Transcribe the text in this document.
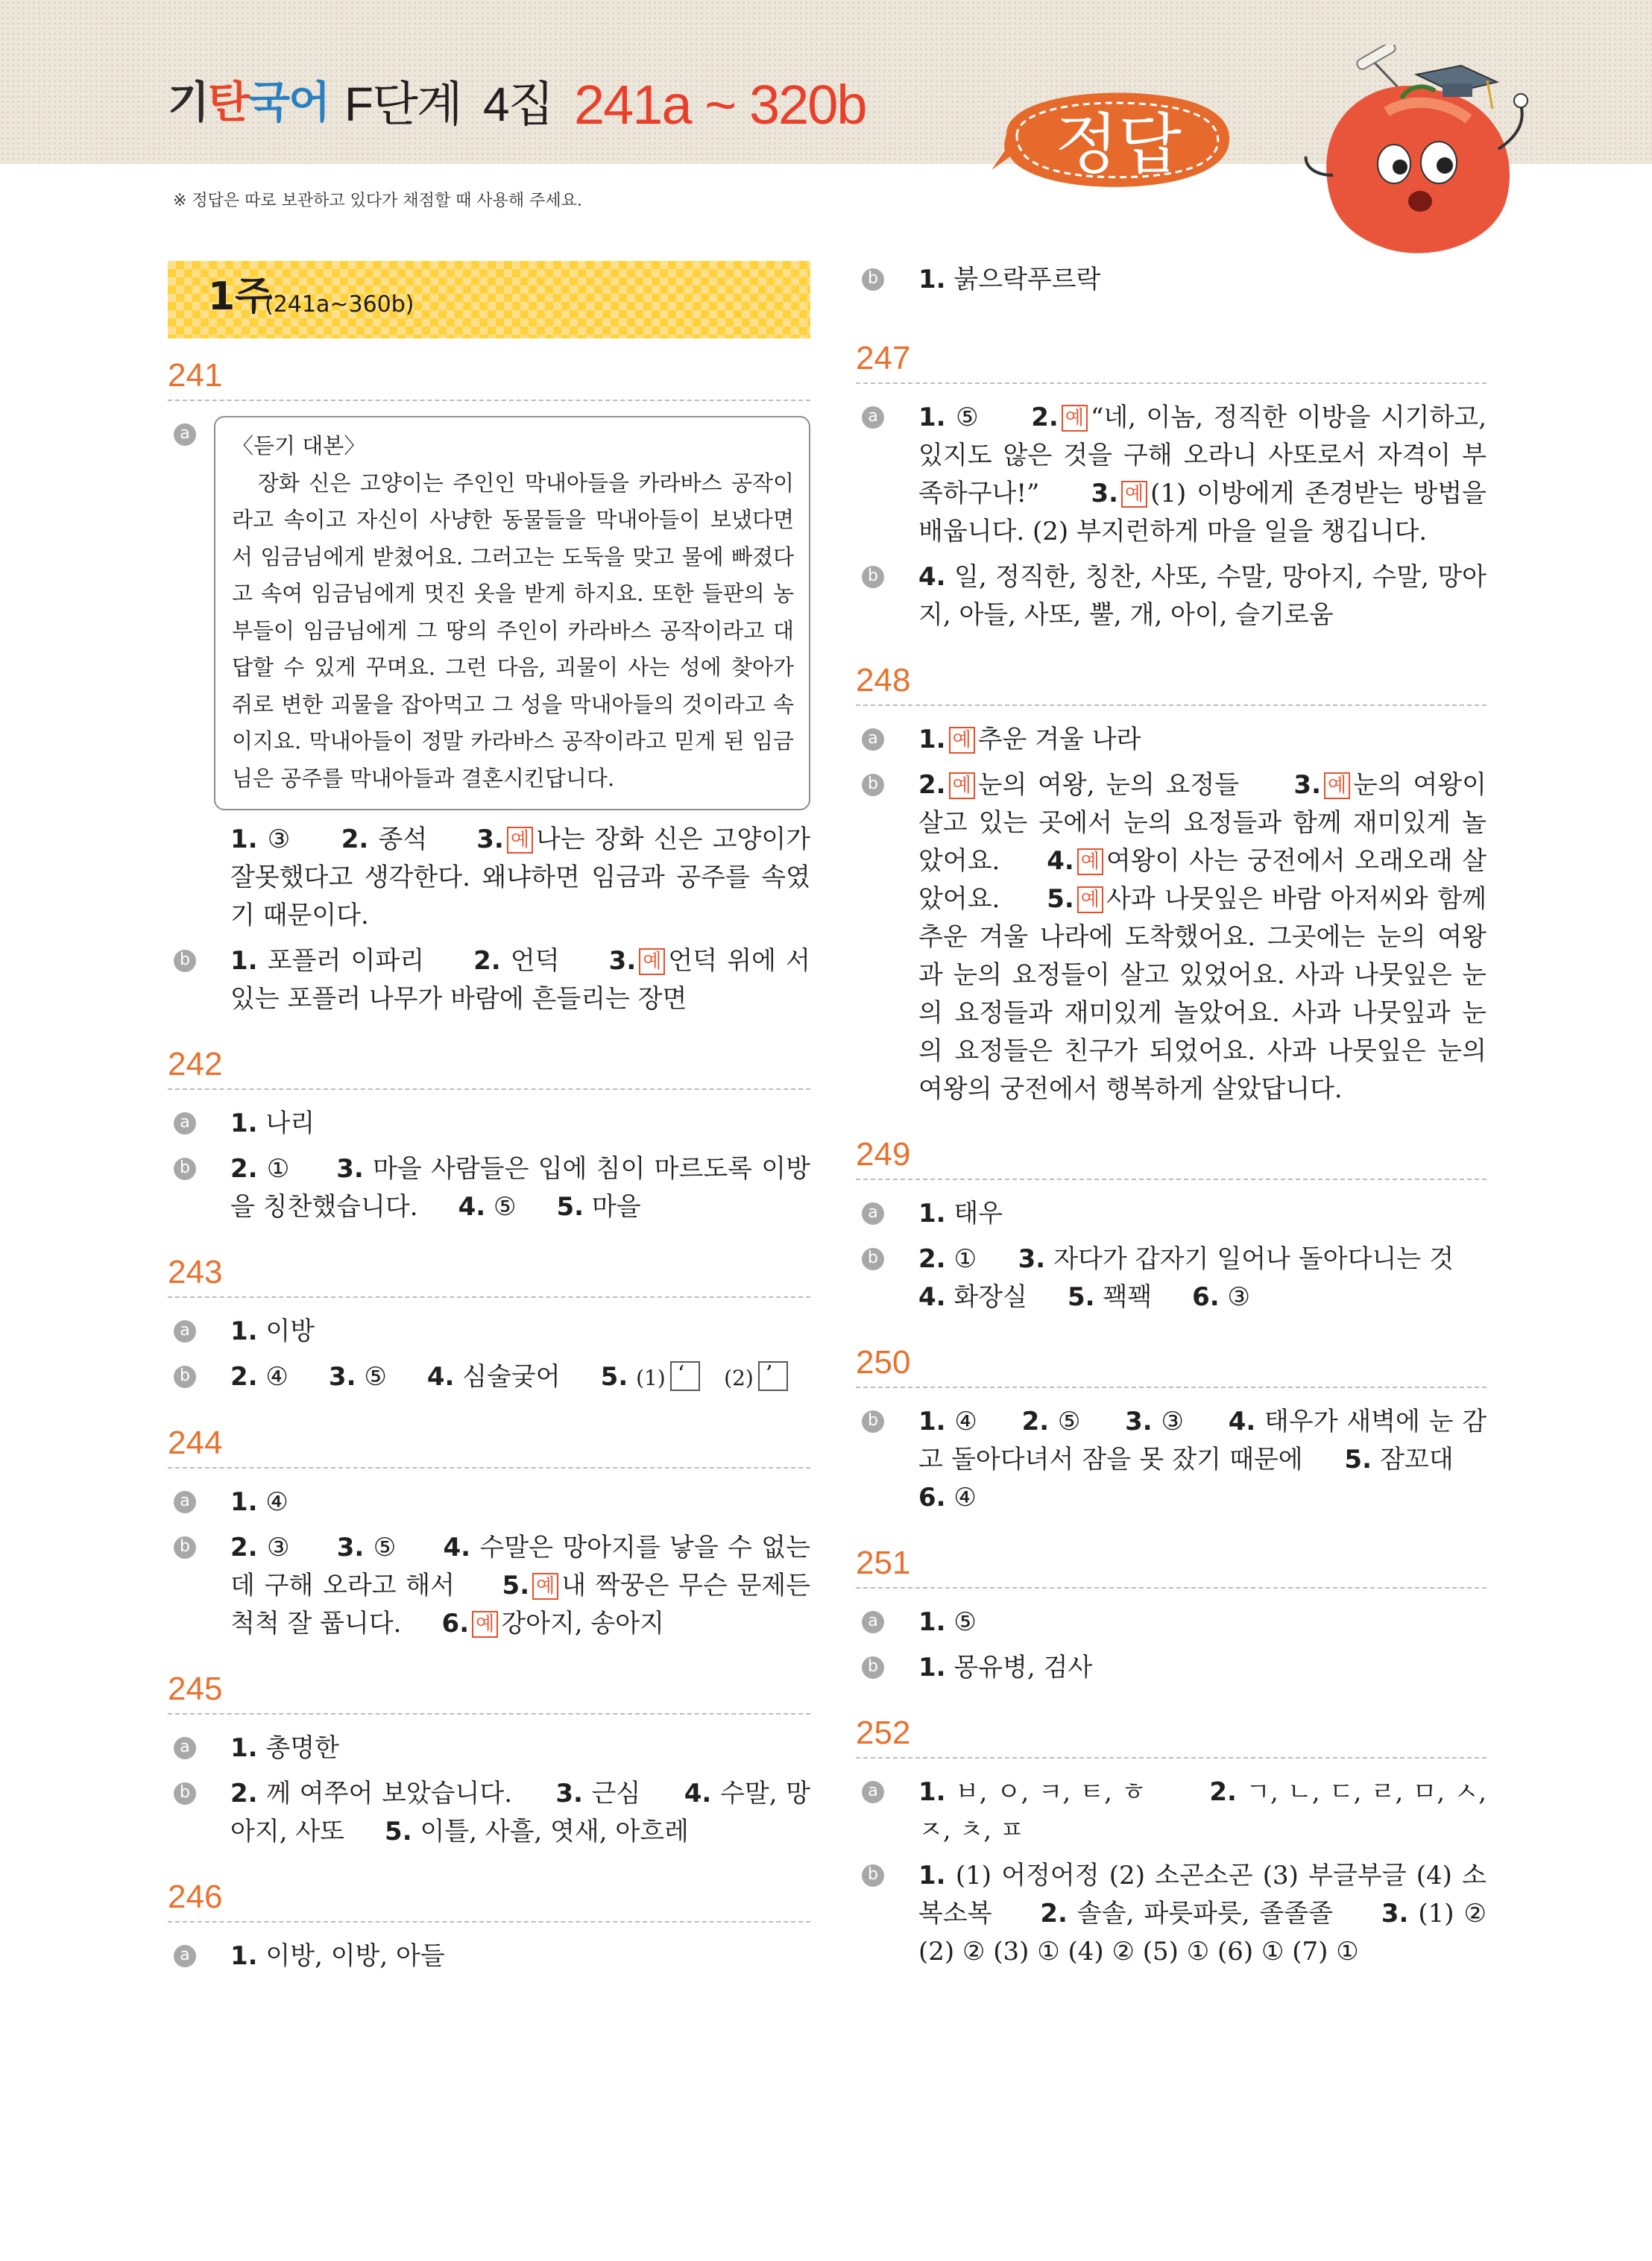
기탄국어 F단계 4집 241a ~ 320b
정답
※ 정답은 따로 보관하고 있다가 채점할 때 사용해 주세요.
1주
(241a~360b)
241
a 〈듣기 대본〉
장화 신은 고양이는 주인인 막내아들을 카라바스 공작이라고 속이고 자신이 사냥한 동물들을 막내아들이 보냈다면서 임금님에게 받쳤어요. 그러고는 도둑을 맞고 물에 빠졌다고 속여 임금님에게 멋진 옷을 받게 하지요. 또한 들판의 농부들이 임금님에게 그 땅의 주인이 카라바스 공작이라고 대답할 수 있게 꾸며요. 그런 다음, 괴물이 사는 성에 찾아가 쥐로 변한 괴물을 잡아먹고 그 성을 막내아들의 것이라고 속이지요. 막내아들이 정말 카라바스 공작이라고 믿게 된 임금님은 공주를 막내아들과 결혼시킨답니다.
1. ③ 2. 종석 3. 예 나는 장화 신은 고양이가 잘못했다고 생각한다. 왜냐하면 임금과 공주를 속였기 때문이다.
b 1. 포플러 이파리 2. 언덕 3. 예 언덕 위에 서 있는 포플러 나무가 바람에 흔들리는 장면
242
a 1. 나리
b 2. ① 3. 마을 사람들은 입에 침이 마르도록 이방을 칭찬했습니다. 4. ⑤ 5. 마을
243
a 1. 이방
b 2. ④ 3. ⑤ 4. 심술궂어 5. (1) ‘ (2) ’
244
a 1. ④
b 2. ③ 3. ⑤ 4. 수말은 망아지를 낳을 수 없는데 구해 오라고 해서 5. 예 내 짝꿍은 무슨 문제든 척척 잘 풉니다. 6. 예 강아지, 송아지
245
a 1. 총명한
b 2. 께 여쭈어 보았습니다. 3. 근심 4. 수말, 망아지, 사또 5. 이틀, 사흘, 엿새, 아흐레
246
a 1. 이방, 이방, 아들
b 1. 붉으락푸르락
247
a 1. ⑤ 2. 예 “네, 이놈, 정직한 이방을 시기하고, 있지도 않은 것을 구해 오라니 사또로서 자격이 부족하구나!” 3. 예 (1) 이방에게 존경받는 방법을 배웁니다. (2) 부지런하게 마을 일을 챙깁니다.
b 4. 일, 정직한, 칭찬, 사또, 수말, 망아지, 수말, 망아지, 아들, 사또, 뿔, 개, 아이, 슬기로움
248
a 1. 예 추운 겨울 나라
b 2. 예 눈의 여왕, 눈의 요정들 3. 예 눈의 여왕이 살고 있는 곳에서 눈의 요정들과 함께 재미있게 놀았어요. 4. 예 여왕이 사는 궁전에서 오래오래 살았어요. 5. 예 사과 나뭇잎은 바람 아저씨와 함께 추운 겨울 나라에 도착했어요. 그곳에는 눈의 여왕과 눈의 요정들이 살고 있었어요. 사과 나뭇잎은 눈의 요정들과 재미있게 놀았어요. 사과 나뭇잎과 눈의 요정들은 친구가 되었어요. 사과 나뭇잎은 눈의 여왕의 궁전에서 행복하게 살았답니다.
249
a 1. 태우
b 2. ① 3. 자다가 갑자기 일어나 돌아다니는 것     4. 화장실 5. 꽥꽥 6. ③
250
b 1. ④ 2. ⑤ 3. ③ 4. 태우가 새벽에 눈 감고 돌아다녀서 잠을 못 잤기 때문에 5. 잠꼬대     6. ④
251
a 1. ⑤
b 1. 몽유병, 검사
252
a 1. ㅂ, ㅇ, ㅋ, ㅌ, ㅎ	2. ㄱ, ㄴ, ㄷ, ㄹ, ㅁ, ㅅ, ㅈ, ㅊ, ㅍ
b 1. (1) 어정어정 (2) 소곤소곤 (3) 부글부글 (4) 소복소복 2. 솔솔, 파릇파릇, 졸졸졸 3. (1) ② (2) ② (3) ① (4) ② (5) ① (6) ① (7) ①
